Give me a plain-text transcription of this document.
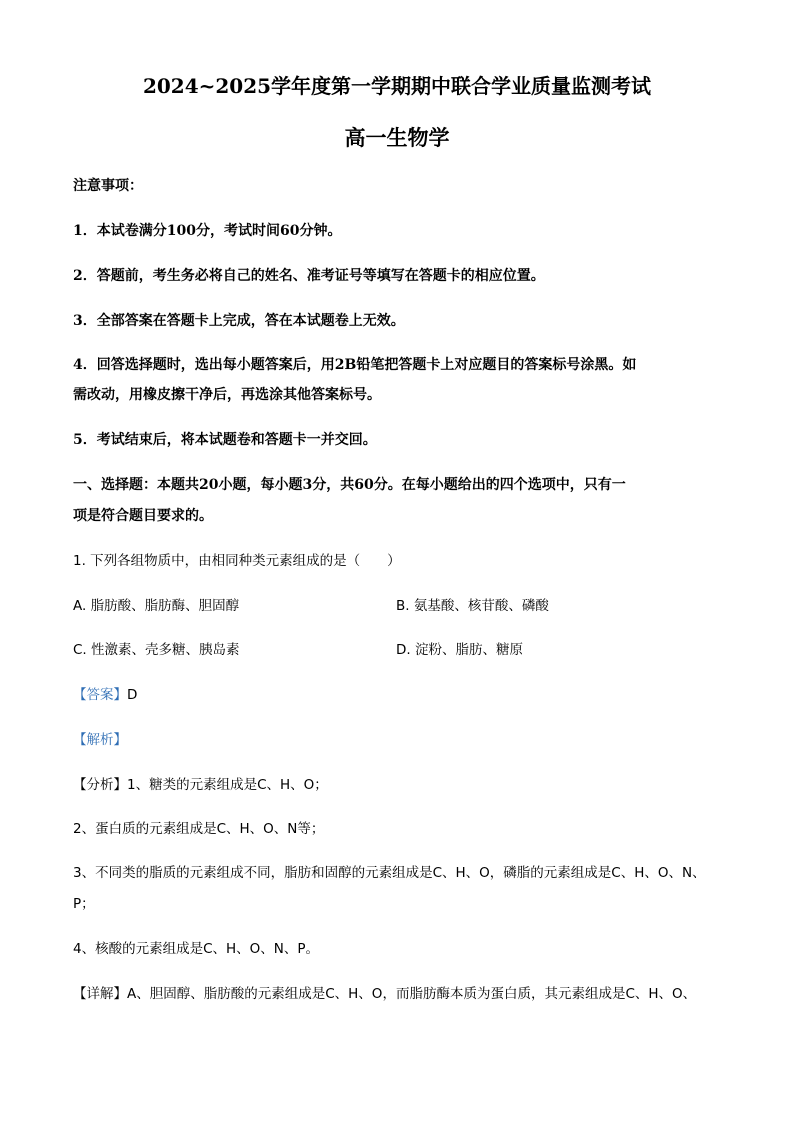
2024~2025学年度第一学期期中联合学业质量监测考试
高一生物学
注意事项：
1．本试卷满分100分，考试时间60分钟。
2．答题前，考生务必将自己的姓名、准考证号等填写在答题卡的相应位置。
3．全部答案在答题卡上完成，答在本试题卷上无效。
4．回答选择题时，选出每小题答案后，用2B铅笔把答题卡上对应题目的答案标号涂黑。如
需改动，用橡皮擦干净后，再选涂其他答案标号。
5．考试结束后，将本试题卷和答题卡一并交回。
一、选择题：本题共20小题，每小题3分，共60分。在每小题给出的四个选项中，只有一
项是符合题目要求的。
1. 下列各组物质中，由相同种类元素组成的是（　　）
A. 脂肪酸、脂肪酶、胆固醇	B. 氨基酸、核苷酸、磷酸
C. 性激素、壳多糖、胰岛素	D. 淀粉、脂肪、糖原
【答案】D
【解析】
【分析】1、糖类的元素组成是C、H、O；
2、蛋白质的元素组成是C、H、O、N等；
3、不同类的脂质的元素组成不同，脂肪和固醇的元素组成是C、H、O，磷脂的元素组成是C、H、O、N、
P；
4、核酸的元素组成是C、H、O、N、P。
【详解】A、胆固醇、脂肪酸的元素组成是C、H、O，而脂肪酶本质为蛋白质，其元素组成是C、H、O、
